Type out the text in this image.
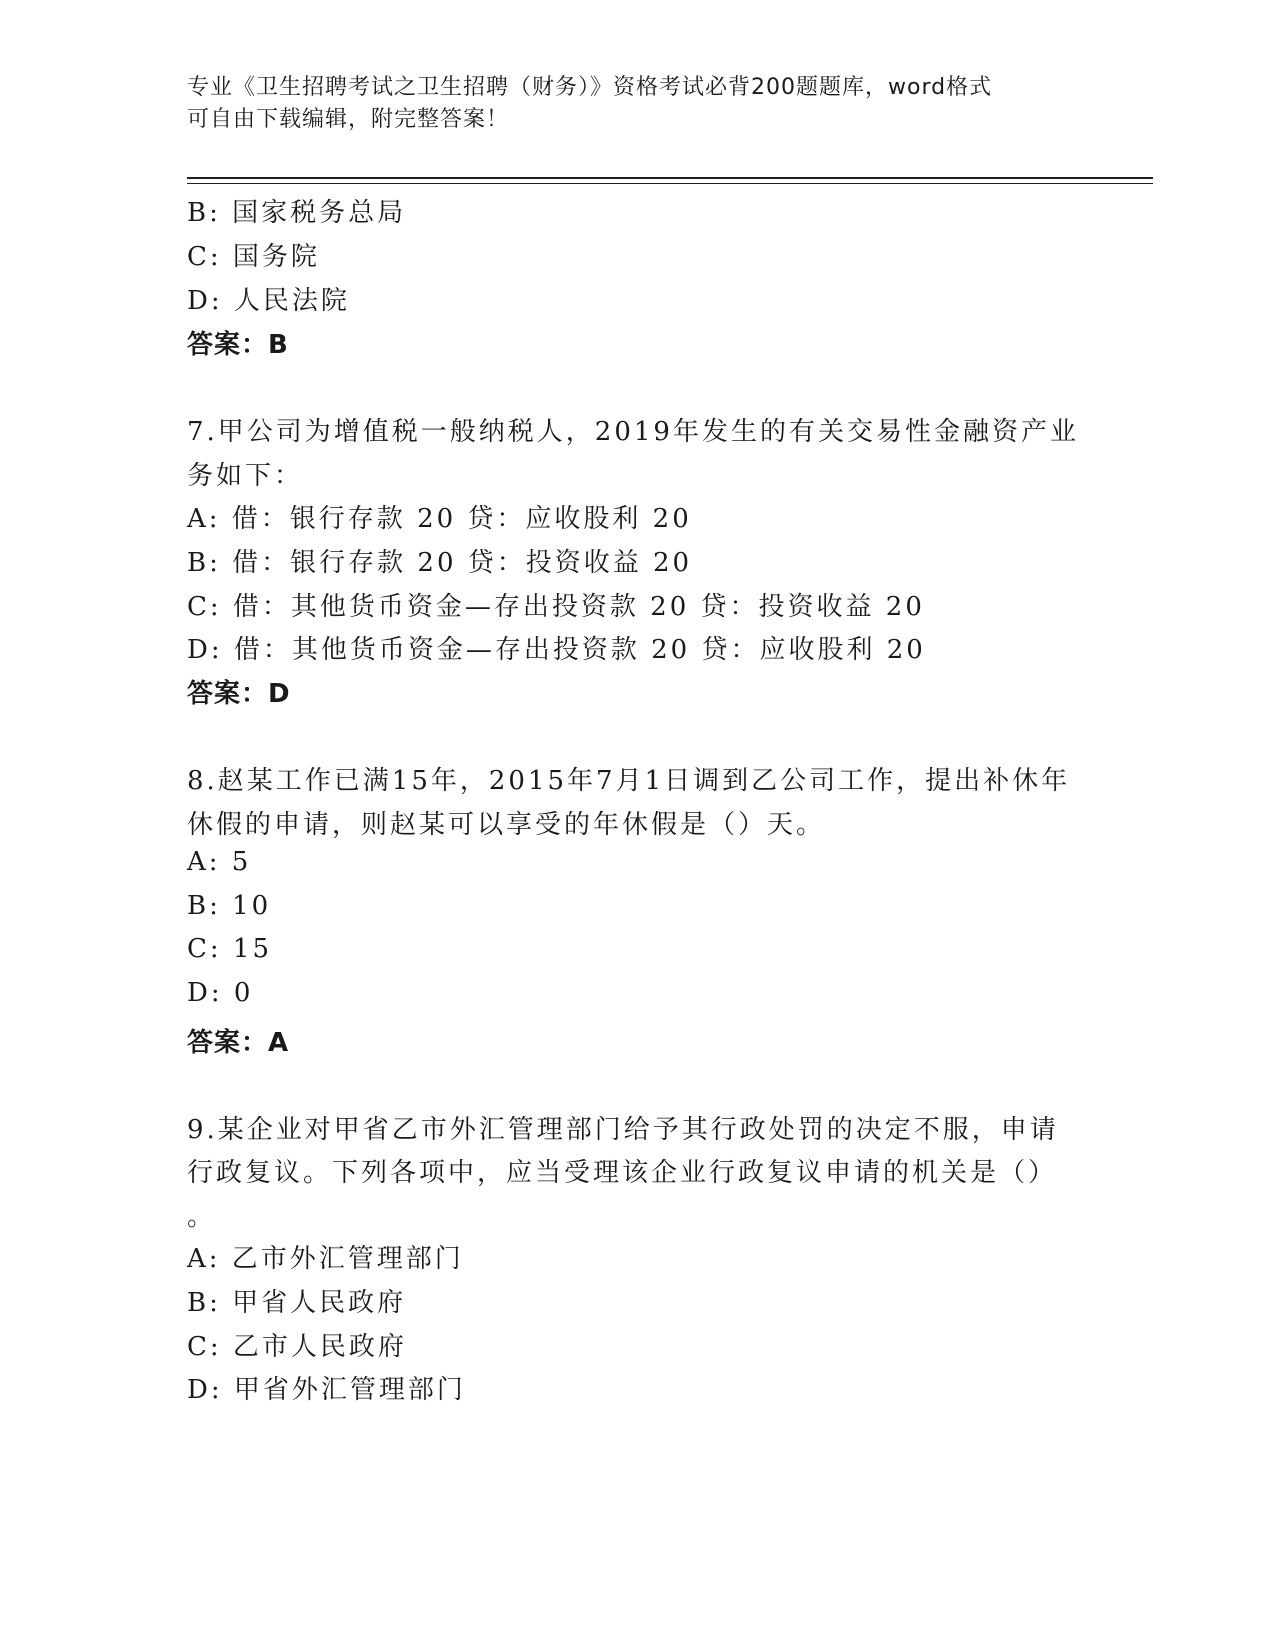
专业《卫生招聘考试之卫生招聘（财务）》资格考试必背200题题库，word格式
可自由下载编辑，附完整答案！
B: 国家税务总局
C: 国务院
D: 人民法院
答案：B
7.甲公司为增值税一般纳税人，2019年发生的有关交易性金融资产业
务如下：
A: 借：银行存款 20 贷：应收股利 20
B: 借：银行存款 20 贷：投资收益 20
C: 借：其他货币资金—存出投资款 20 贷：投资收益 20
D: 借：其他货币资金—存出投资款 20 贷：应收股利 20
答案：D
8.赵某工作已满15年，2015年7月1日调到乙公司工作，提出补休年
休假的申请，则赵某可以享受的年休假是（）天。
A: 5
B: 10
C: 15
D: 0
答案：A
9.某企业对甲省乙市外汇管理部门给予其行政处罚的决定不服，申请
行政复议。下列各项中，应当受理该企业行政复议申请的机关是（）
。
A: 乙市外汇管理部门
B: 甲省人民政府
C: 乙市人民政府
D: 甲省外汇管理部门
